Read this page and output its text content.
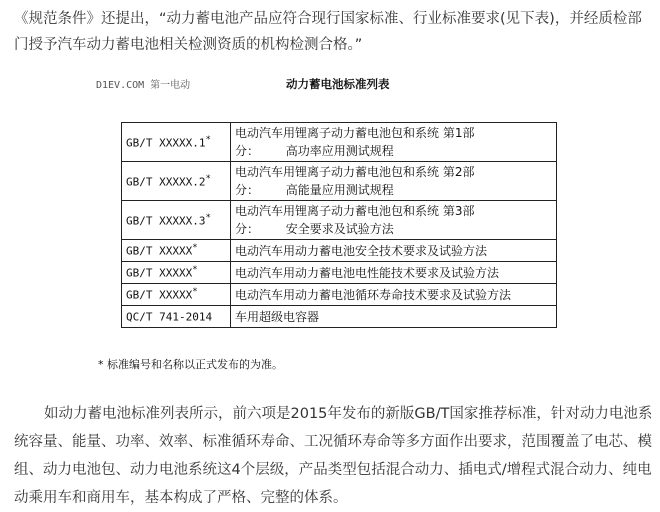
《规范条件》还提出，“动力蓄电池产品应符合现行国家标准、行业标准要求(见下表)，并经质检部门授予汽车动力蓄电池相关检测资质的机构检测合格。”

D1EV.COM 第一电动	动力蓄电池标准列表
GB/T XXXXX.1*	电动汽车用锂离子动力蓄电池包和系统 第1部
分：       高功率应用测试规程

GB/T XXXXX.2*	电动汽车用锂离子动力蓄电池包和系统 第2部
分：       高能量应用测试规程

GB/T XXXXX.3*	电动汽车用锂离子动力蓄电池包和系统 第3部
分：       安全要求及试验方法

GB/T XXXXX*	电动汽车用动力蓄电池安全技术要求及试验方法

GB/T XXXXX*	电动汽车用动力蓄电池电性能技术要求及试验方法

GB/T XXXXX*	电动汽车用动力蓄电池循环寿命技术要求及试验方法

QC/T 741-2014	车用超级电容器
* 标准编号和名称以正式发布的为准。

如动力蓄电池标准列表所示，前六项是2015年发布的新版GB/T国家推荐标准，针对动力电池系统容量、能量、功率、效率、标准循环寿命、工况循环寿命等多方面作出要求，范围覆盖了电芯、模组、动力电池包、动力电池系统这4个层级，产品类型包括混合动力、插电式/增程式混合动力、纯电动乘用车和商用车，基本构成了严格、完整的体系。
